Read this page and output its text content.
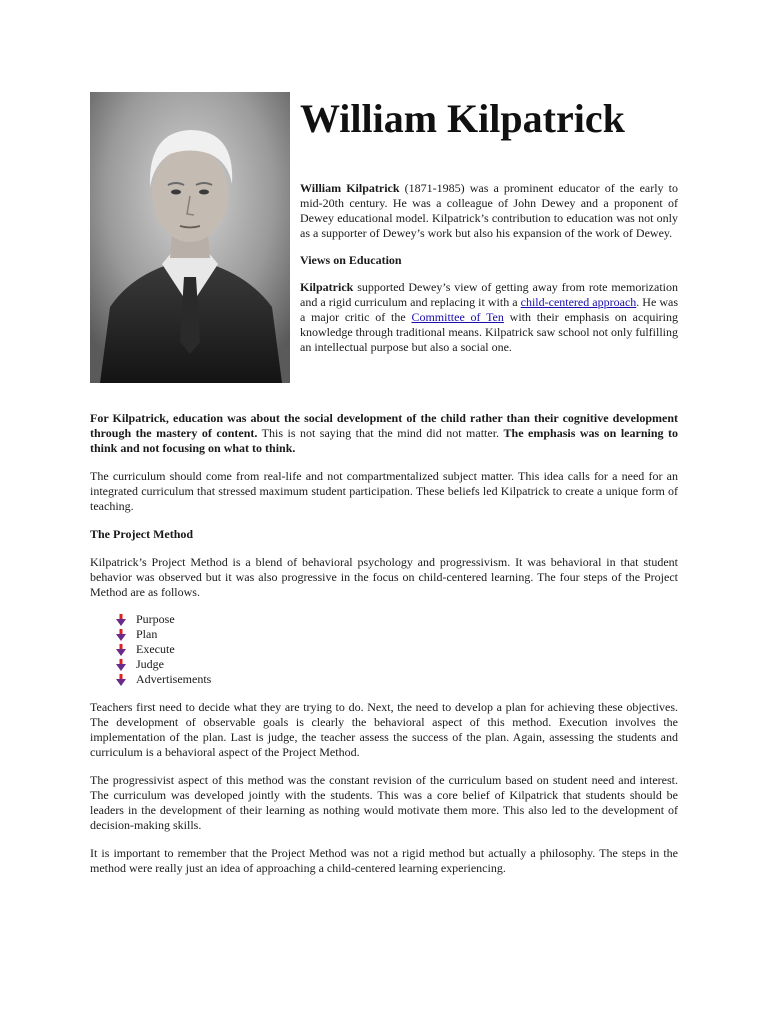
William Kilpatrick

William Kilpatrick (1871-1985) was a prominent educator of the early to mid-20th century. He was a colleague of John Dewey and a proponent of Dewey educational model. Kilpatrick’s contribution to education was not only as a supporter of Dewey’s work but also his expansion of the work of Dewey.

Views on Education

Kilpatrick supported Dewey’s view of getting away from rote memorization and a rigid curriculum and replacing it with a child-centered approach. He was a major critic of the Committee of Ten with their emphasis on acquiring knowledge through traditional means. Kilpatrick saw school not only fulfilling an intellectual purpose but also a social one.

For Kilpatrick, education was about the social development of the child rather than their cognitive development through the mastery of content. This is not saying that the mind did not matter. The emphasis was on learning to think and not focusing on what to think.

The curriculum should come from real-life and not compartmentalized subject matter. This idea calls for a need for an integrated curriculum that stressed maximum student participation. These beliefs led Kilpatrick to create a unique form of teaching.

The Project Method

Kilpatrick’s Project Method is a blend of behavioral psychology and progressivism. It was behavioral in that student behavior was observed but it was also progressive in the focus on child-centered learning. The four steps of the Project Method are as follows.

Purpose
Plan
Execute
Judge
Advertisements

Teachers first need to decide what they are trying to do. Next, the need to develop a plan for achieving these objectives. The development of observable goals is clearly the behavioral aspect of this method. Execution involves the implementation of the plan. Last is judge, the teacher assess the success of the plan. Again, assessing the students and curriculum is a behavioral aspect of the Project Method.

The progressivist aspect of this method was the constant revision of the curriculum based on student need and interest. The curriculum was developed jointly with the students. This was a core belief of Kilpatrick that students should be leaders in the development of their learning as nothing would motivate them more. This also led to the development of decision-making skills.

It is important to remember that the Project Method was not a rigid method but actually a philosophy. The steps in the method were really just an idea of approaching a child-centered learning experiencing.
